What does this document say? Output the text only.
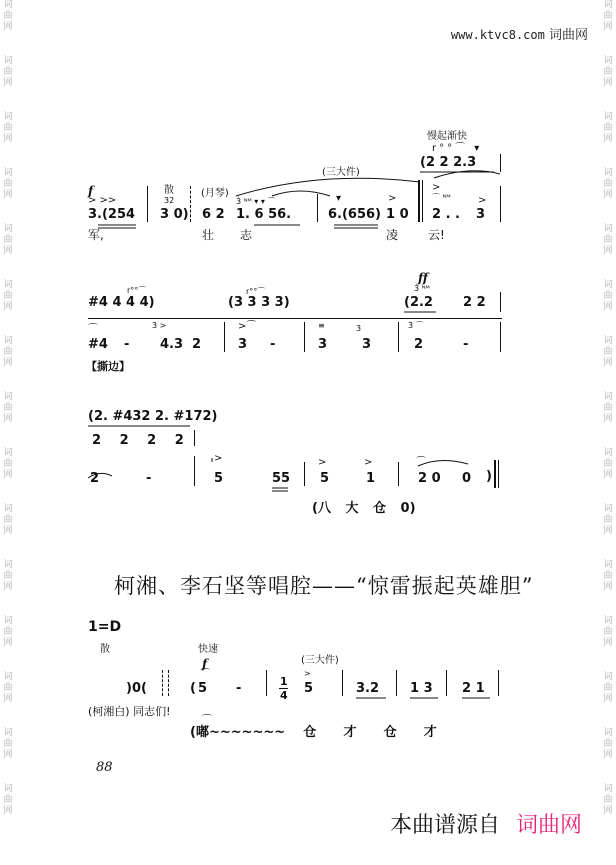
词
曲
网
词
曲
网
词
曲
网
词
曲
网
词
曲
网
词
曲
网
词
曲
网
词
曲
网
词
曲
网
词
曲
网
词
曲
网
词
曲
网
词
曲
网
词
曲
网
词
曲
网
词
曲
网
词
曲
网
词
曲
网
词
曲
网
词
曲
网
词
曲
网
词
曲
网
词
曲
网
词
曲
网
词
曲
网
词
曲
网
词
曲
网
词
曲
网
词
曲
网
词
曲
网
www.ktvc8.com 词曲网
慢起渐快
r°°⌒ ▾
(2 2 2.3
(三大件)
散	(月琴)
f
> >>	3̇2̇	3̇ ᴺᴹ ▾ ▾ ⌒	▾	>
>
⌒ ᴺᴹ	>
3.(254 3 0) 6 2 1. 6 56.	6.(656) 1 0 2 . . 3
军,	壮 志	凌 云!
ff
r°°⌒	r°°⌒	3̇ ᴺᴹ
#4 4 4 4)	(3 3 3 3)	(2.2 2 2
⌒	3̇ >	>⌒	≡	3̇	3̇ ⌒
#4 - 4.3 2	3 -	3	3	2	-
【撕边】
(2. #432 2. #172)
2 2 2 2
>	>	>	⌒
2	-	5	55 5	1	2 0 0 )
(八 大 仓 0)
柯湘、李石坚等唱腔——“惊雷振起英雄胆”
1=D
散	快速
(三大件)
f
⌒	>
)0(	( 5 -	1
4 5	3.2 1 3 2 1
(柯湘白) 同志们!
⌒
(嘟~~~~~~~    仓      才      仓      才
88
本曲谱源自 词曲网
